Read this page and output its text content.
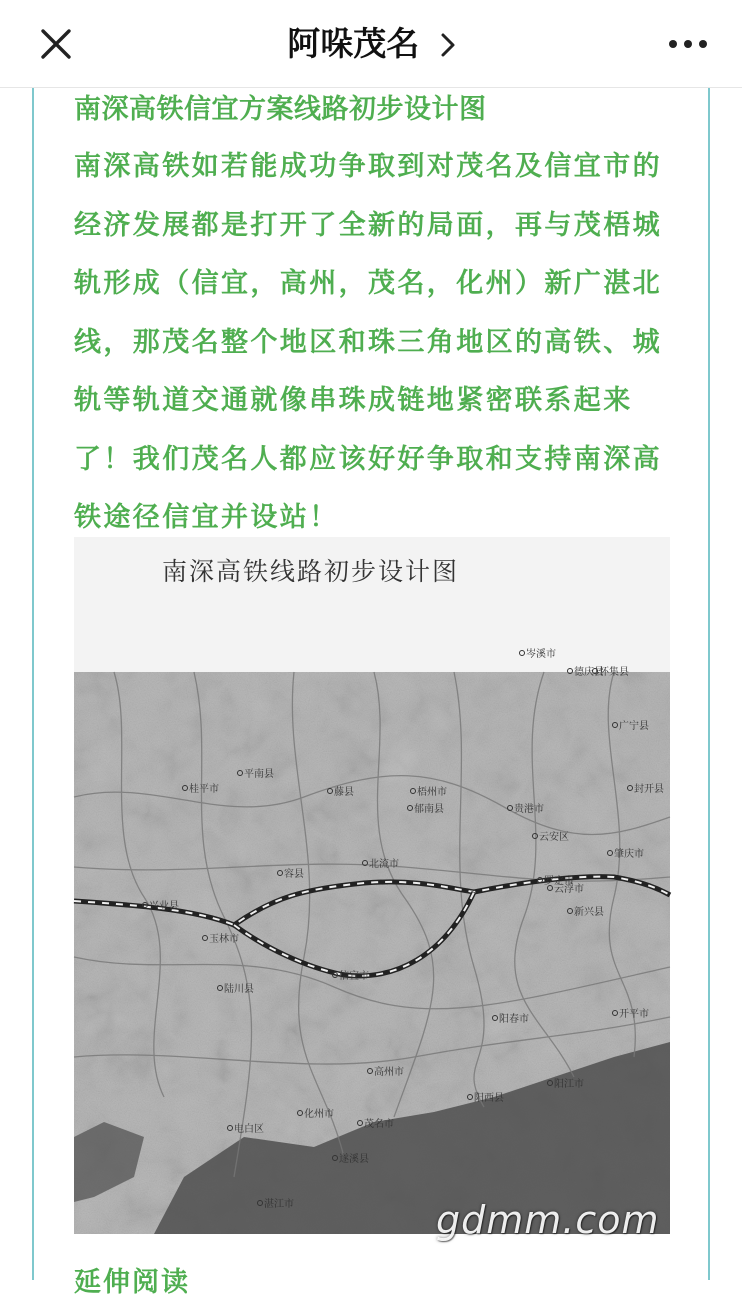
阿哚茂名
南深高铁信宜方案线路初步设计图

南深高铁如若能成功争取到对茂名及信宜市的经济发展都是打开了全新的局面，再与茂梧城轨形成（信宜，高州，茂名，化州）新广湛北线，那茂名整个地区和珠三角地区的高铁、城轨等轨道交通就像串珠成链地紧密联系起来了！我们茂名人都应该好好争取和支持南深高铁途径信宜并设站！

南深高铁线路初步设计图
德庆县
怀集县
广宁县
岑溪市
平南县
桂平市	藤县	梧州市	封开县
郁南县	贵港市
云安区
肇庆市
容县
兴业县
北流市
信宜市
云浮市
新兴县
玉林市
罗定市
陆川县
阳春市	开平市
高州市
阳西县
阳江市
化州市
茂名市
电白区
湛江市
遂溪县
延伸阅读
gdmm.com
